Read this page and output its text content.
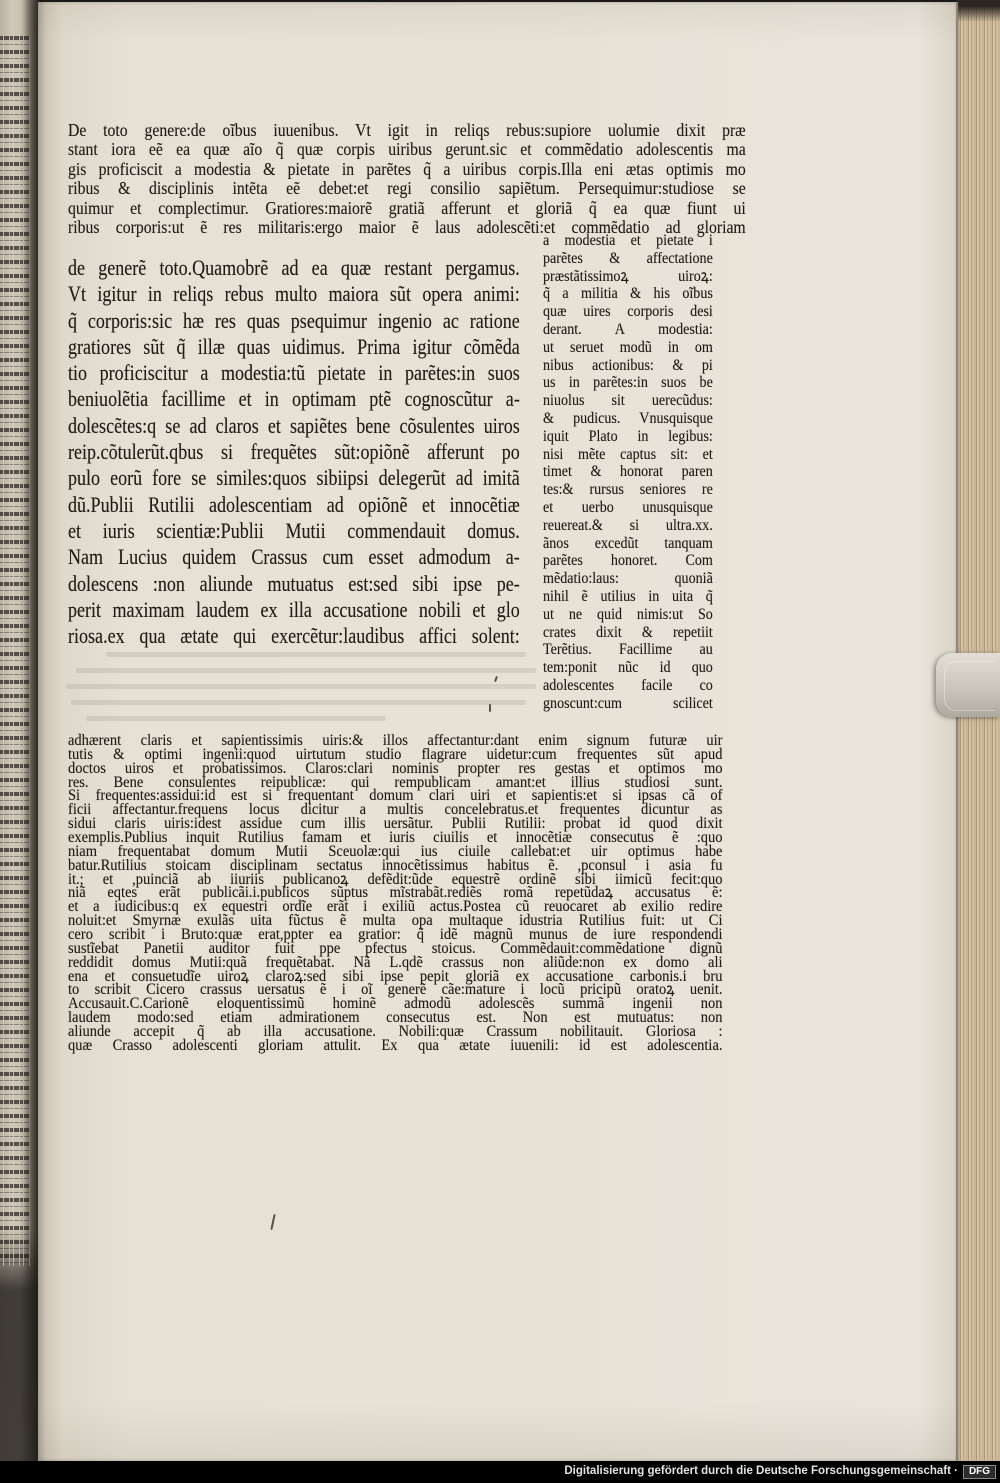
De toto genere:de oĩbus iuuenibus. Vt igit in reliqs rebus:supiore uolumie dixit præ
stant iora eẽ ea quæ aĩo q̃ quæ corpis uiribus gerunt.sic et commẽdatio adolescentis ma
gis proficiscit a modestia & pietate in parẽtes q̃ a uiribus corpis.Illa eni ætas optimis mo
ribus & disciplinis intẽta eẽ debet:et regi consilio sapiẽtum. Persequimur:studiose se
quimur et complectimur. Gratiores:maiorẽ gratiã afferunt et gloriã q̃ ea quæ fiunt ui
ribus corporis:ut ẽ res militaris:ergo maior ẽ laus adolescẽti:et commẽdatio ad gloriam
de generẽ toto.Quamobrẽ ad ea quæ restant pergamus.
Vt igitur in reliqs rebus multo maiora sũt opera animi:
q̃ corporis:sic hæ res quas psequimur ingenio ac ratione
gratiores sũt q̃ illæ quas uidimus. Prima igitur cõmẽda
tio proficiscitur a modestia:tũ pietate in parẽtes:in suos
beniuolẽtia facillime et in optimam ptẽ cognoscũtur a-
dolescẽtes:q se ad claros et sapiẽtes bene cõsulentes uiros
reip.cõtulerũt.qbus si frequẽtes sũt:opiõnẽ afferunt po
pulo eorũ fore se similes:quos sibiipsi delegerũt ad imitã
dũ.Publii Rutilii adolescentiam ad opiõnẽ et innocẽtiæ
et iuris scientiæ:Publii Mutii commendauit domus.
Nam Lucius quidem Crassus cum esset admodum a-
dolescens :non aliunde mutuatus est:sed sibi ipse pe-
perit maximam laudem ex illa accusatione nobili et glo
riosa.ex qua ætate qui exercẽtur:laudibus affici solent:
a modestia et pietate i
parẽtes & affectatione
præstãtissimoꝝ uiroꝝ:
q̃ a militia & his oĩbus
quæ uires corporis desi
derant. A modestia:
ut seruet modũ in om
nibus actionibus: & pi
us in parẽtes:in suos be
niuolus sit uerecũdus:
& pudicus. Vnusquisque
iquit Plato in legibus:
nisi mẽte captus sit: et
timet & honorat paren
tes:& rursus seniores re
et uerbo unusquisque
reuereat.& si ultra.xx.
ãnos excedũt tanquam
parẽtes honoret. Com
mẽdatio:laus: quoniã
nihil ẽ utilius in uita q̃
ut ne quid nimis:ut So
crates dixit & repetiit
Terẽtius. Facillime au
tem:ponit nũc id quo
adolescentes facile co
gnoscunt:cum scilicet
adhærent claris et sapientissimis uiris:& illos affectantur:dant enim signum futuræ uir
tutis & optimi ingenii:quod uirtutum studio flagrare uidetur:cum frequentes sũt apud
doctos uiros et probatissimos. Claros:clari nominis propter res gestas et optimos mo
res. Bene consulentes reipublicæ: qui rempublicam amant:et illius studiosi sunt.
Si frequentes:assidui:id est si frequentant domum clari uiri et sapientis:et si ipsas cã of
ficii affectantur.frequens locus dicitur a multis concelebratus.et frequentes dicuntur as
sidui claris uiris:idest assidue cum illis uersãtur. Publii Rutilii: probat id quod dixit
exemplis.Publius inquit Rutilius famam et iuris ciuilis et innocẽtiæ consecutus ẽ :quo
niam frequentabat domum Mutii Sceuolæ:qui ius ciuile callebat:et uir optimus habe
batur.Rutilius stoicam disciplinam sectatus innocẽtissimus habitus ẽ. ,pconsul i asia fu
it.; et ,puinciã ab iiuriis publicanoꝝ defẽdit:ũde equestrẽ ordinẽ sibi iimicũ fecit:quo
niã eqtes erãt publicãi.i.publicos sũptus mĩstrabãt.rediẽs romã repetũdaꝝ accusatus ẽ:
et a iudicibus:q ex equestri ordĩe erãt i exiliũ actus.Postea cũ reuocaret ab exilio redire
noluit:et Smyrnæ exulãs uita fũctus ẽ multa opa multaque idustria Rutilius fuit: ut Ci
cero scribit i Bruto:quæ erat,ppter ea gratior: q̃ idẽ magnũ munus de iure respondendi
sustĩebat Panetii auditor fuit ppe pfectus stoicus. Commẽdauit:commẽdatione dignũ
reddidit domus Mutii:quã frequẽtabat. Nã L.qdẽ crassus non aliũde:non ex domo ali
ena et consuetudĩe uiroꝝ claroꝝ:sed sibi ipse pepit gloriã ex accusatione carbonis.i bru
to scribit Cicero crassus uersatus ẽ i oĩ generẽ cãe:mature i locũ pricipũ oratoꝝ uenit.
Accusauit.C.Carionẽ eloquentissimũ hominẽ admodũ adolescẽs summã ingenii non
laudem modo:sed etiam admirationem consecutus est. Non est mutuatus: non
aliunde accepit q̃ ab illa accusatione. Nobili:quæ Crassum nobilitauit. Gloriosa :
quæ Crasso adolescenti gloriam attulit. Ex qua ætate iuuenili: id est adolescentia.
Digitalisierung gefördert durch die Deutsche Forschungsgemeinschaft ·	DFG
